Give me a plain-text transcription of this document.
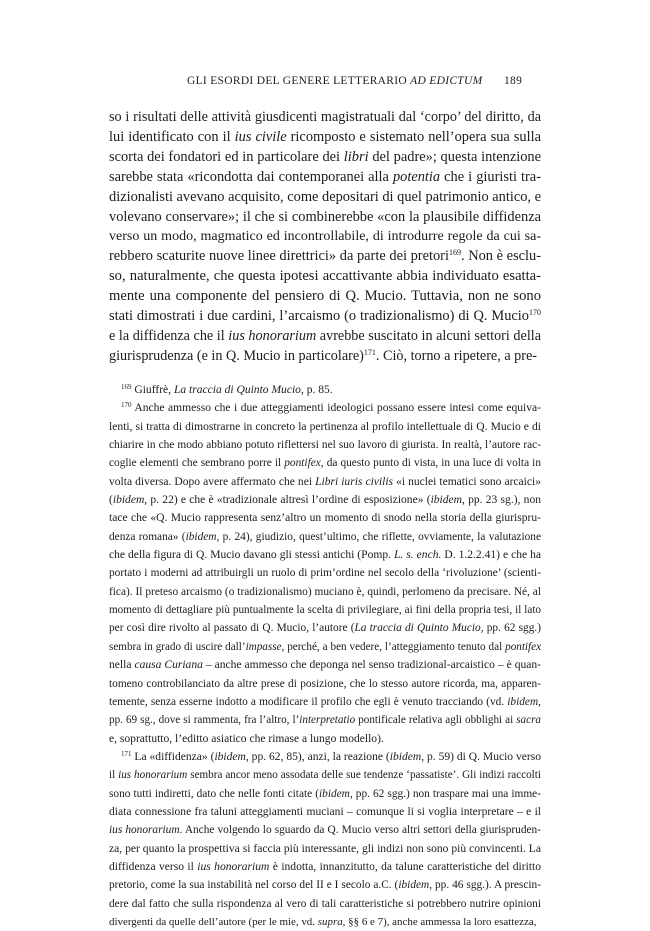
GLI ESORDI DEL GENERE LETTERARIO AD EDICTUM 189
so i risultati delle attività giusdicenti magistratuali dal ‘corpo’ del diritto, da
lui identificato con il ius civile ricomposto e sistemato nell’opera sua sulla
scorta dei fondatori ed in particolare dei libri del padre»; questa intenzione
sarebbe stata «ricondotta dai contemporanei alla potentia che i giuristi tra-
dizionalisti avevano acquisito, come depositari di quel patrimonio antico, e
volevano conservare»; il che si combinerebbe «con la plausibile diffidenza
verso un modo, magmatico ed incontrollabile, di introdurre regole da cui sa-
rebbero scaturite nuove linee direttrici» da parte dei pretori$^{169}$. Non è esclu-
so, naturalmente, che questa ipotesi accattivante abbia individuato esatta-
mente una componente del pensiero di Q. Mucio. Tuttavia, non ne sono
stati dimostrati i due cardini, l’arcaismo (o tradizionalismo) di Q. Mucio$^{170}$
e la diffidenza che il ius honorarium avrebbe suscitato in alcuni settori della
giurisprudenza (e in Q. Mucio in particolare)$^{171}$. Ciò, torno a ripetere, a pre-
$^{169}$ Giuffrè, La traccia di Quinto Mucio, p. 85.
$^{170}$ Anche ammesso che i due atteggiamenti ideologici possano essere intesi come equiva-
lenti, si tratta di dimostrarne in concreto la pertinenza al profilo intellettuale di Q. Mucio e di
chiarire in che modo abbiano potuto riflettersi nel suo lavoro di giurista. In realtà, l’autore rac-
coglie elementi che sembrano porre il pontifex, da questo punto di vista, in una luce di volta in
volta diversa. Dopo avere affermato che nei Libri iuris civilis «i nuclei tematici sono arcaici»
(ibidem, p. 22) e che è «tradizionale altresì l’ordine di esposizione» (ibidem, pp. 23 sg.), non
tace che «Q. Mucio rappresenta senz’altro un momento di snodo nella storia della giurispru-
denza romana» (ibidem, p. 24), giudizio, quest’ultimo, che riflette, ovviamente, la valutazione
che della figura di Q. Mucio davano gli stessi antichi (Pomp. L. s. ench. D. 1.2.2.41) e che ha
portato i moderni ad attribuirgli un ruolo di prim’ordine nel secolo della ‘rivoluzione’ (scienti-
fica). Il preteso arcaismo (o tradizionalismo) muciano è, quindi, perlomeno da precisare. Né, al
momento di dettagliare più puntualmente la scelta di privilegiare, ai fini della propria tesi, il lato
per così dire rivolto al passato di Q. Mucio, l’autore (La traccia di Quinto Mucio, pp. 62 sgg.)
sembra in grado di uscire dall’impasse, perché, a ben vedere, l’atteggiamento tenuto dal pontifex
nella causa Curiana – anche ammesso che deponga nel senso tradizional-arcaistico – è quan-
tomeno controbilanciato da altre prese di posizione, che lo stesso autore ricorda, ma, apparen-
temente, senza esserne indotto a modificare il profilo che egli è venuto tracciando (vd. ibidem,
pp. 69 sg., dove si rammenta, fra l’altro, l’interpretatio pontificale relativa agli obblighi ai sacra
e, soprattutto, l’editto asiatico che rimase a lungo modello).
$^{171}$ La «diffidenza» (ibidem, pp. 62, 85), anzi, la reazione (ibidem, p. 59) di Q. Mucio verso
il ius honorarium sembra ancor meno assodata delle sue tendenze ‘passatiste’. Gli indizi raccolti
sono tutti indiretti, dato che nelle fonti citate (ibidem, pp. 62 sgg.) non traspare mai una imme-
diata connessione fra taluni atteggiamenti muciani – comunque li si voglia interpretare – e il
ius honorarium. Anche volgendo lo sguardo da Q. Mucio verso altri settori della giurispruden-
za, per quanto la prospettiva si faccia più interessante, gli indizi non sono più convincenti. La
diffidenza verso il ius honorarium è indotta, innanzitutto, da talune caratteristiche del diritto
pretorio, come la sua instabilità nel corso del II e I secolo a.C. (ibidem, pp. 46 sgg.). A prescin-
dere dal fatto che sulla rispondenza al vero di tali caratteristiche si potrebbero nutrire opinioni
divergenti da quelle dell’autore (per le mie, vd. supra, §§ 6 e 7), anche ammessa la loro esattezza,
